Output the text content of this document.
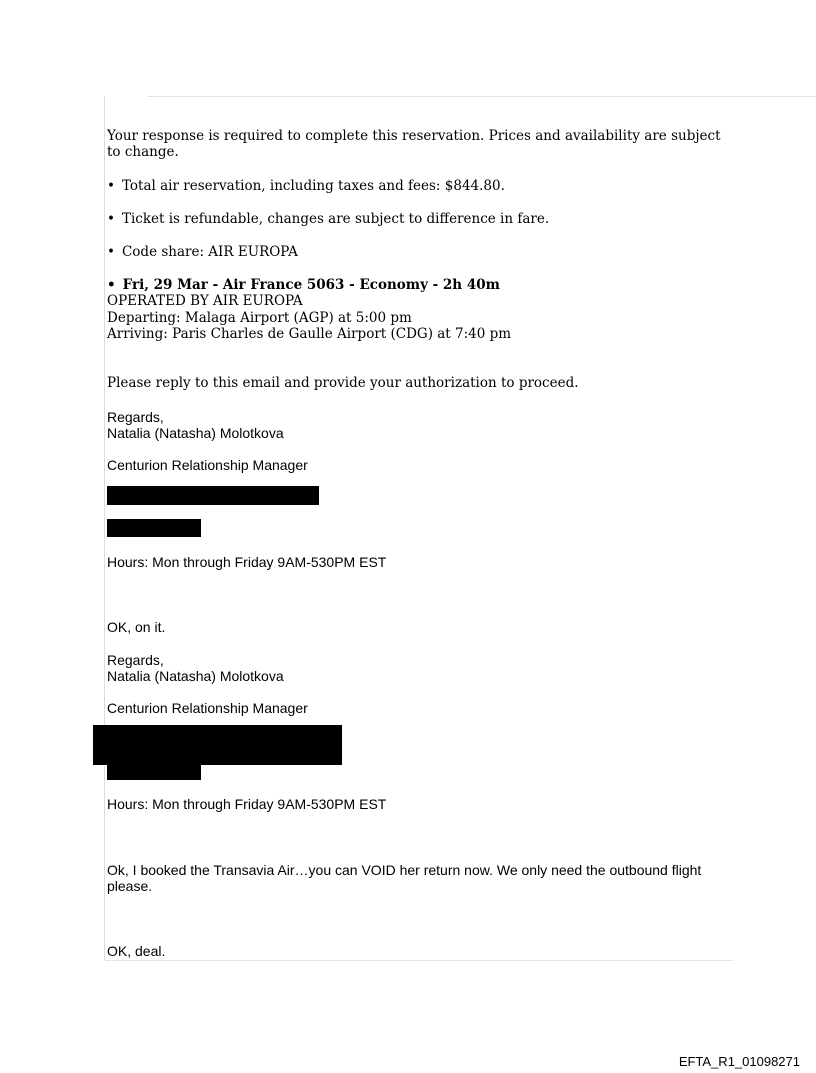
Your response is required to complete this reservation. Prices and availability are subject to change.

• Total air reservation, including taxes and fees: $844.80.

• Ticket is refundable, changes are subject to difference in fare.

• Code share: AIR EUROPA

• Fri, 29 Mar - Air France 5063 - Economy - 2h 40m

OPERATED BY AIR EUROPA

Departing: Malaga Airport (AGP) at 5:00 pm

Arriving: Paris Charles de Gaulle Airport (CDG) at 7:40 pm

Please reply to this email and provide your authorization to proceed.

Regards,

Natalia (Natasha) Molotkova

Centurion Relationship Manager

Hours: Mon through Friday 9AM-530PM EST

OK, on it.

Regards,

Natalia (Natasha) Molotkova

Centurion Relationship Manager

Hours: Mon through Friday 9AM-530PM EST

Ok, I booked the Transavia Air…you can VOID her return now. We only need the outbound flight please.

OK, deal.

EFTA_R1_01098271
